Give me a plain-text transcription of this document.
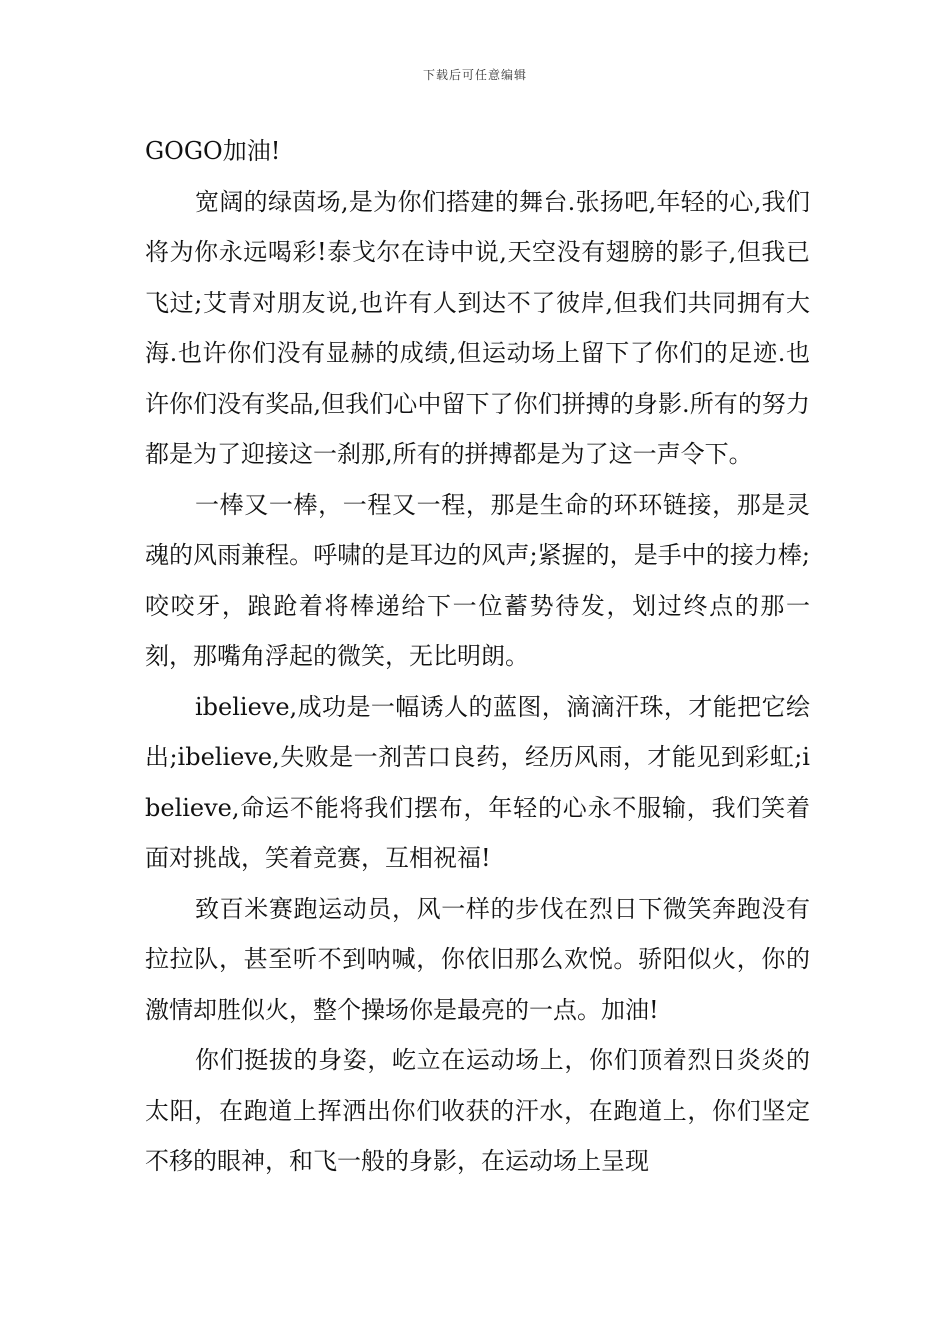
下载后可任意编辑

GOGO加油!

宽阔的绿茵场,是为你们搭建的舞台.张扬吧,年轻的心,我们将为你永远喝彩!泰戈尔在诗中说,天空没有翅膀的影子,但我已飞过;艾青对朋友说,也许有人到达不了彼岸,但我们共同拥有大海.也许你们没有显赫的成绩,但运动场上留下了你们的足迹.也许你们没有奖品,但我们心中留下了你们拼搏的身影.所有的努力都是为了迎接这一刹那,所有的拼搏都是为了这一声令下。

一棒又一棒，一程又一程，那是生命的环环链接，那是灵魂的风雨兼程。呼啸的是耳边的风声;紧握的，是手中的接力棒;咬咬牙，踉跄着将棒递给下一位蓄势待发，划过终点的那一刻，那嘴角浮起的微笑，无比明朗。

ibelieve,成功是一幅诱人的蓝图，滴滴汗珠，才能把它绘出;ibelieve,失败是一剂苦口良药，经历风雨，才能见到彩虹;ibelieve,命运不能将我们摆布，年轻的心永不服输，我们笑着面对挑战，笑着竞赛，互相祝福!

致百米赛跑运动员，风一样的步伐在烈日下微笑奔跑没有拉拉队，甚至听不到呐喊，你依旧那么欢悦。骄阳似火，你的激情却胜似火，整个操场你是最亮的一点。加油!

你们挺拔的身姿，屹立在运动场上，你们顶着烈日炎炎的太阳，在跑道上挥洒出你们收获的汗水，在跑道上，你们坚定不移的眼神，和飞一般的身影，在运动场上呈现
